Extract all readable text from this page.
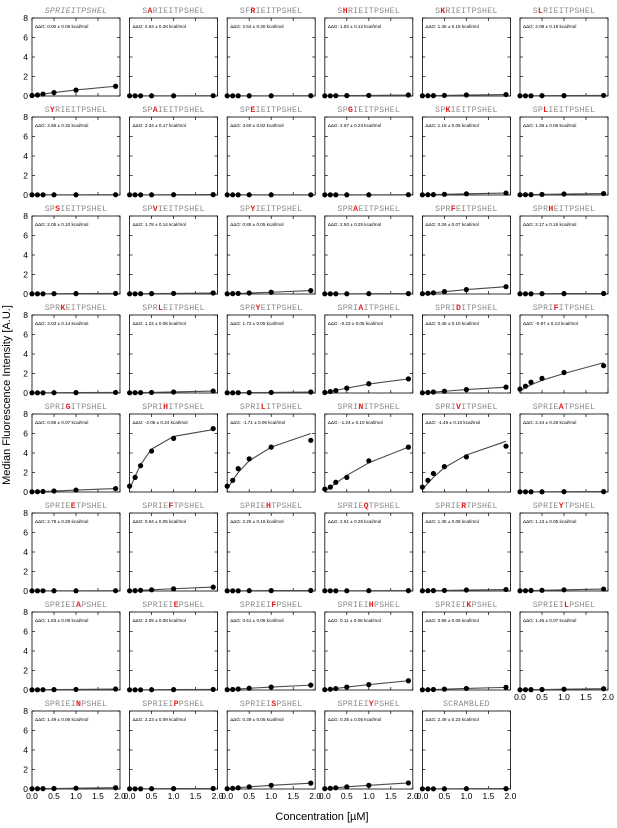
SPRIEITPSHEL
ΔΔG: 0.00 ± 0.06 kcal/mol
0
2
4
6
8
SARIEITPSHEL
ΔΔG: 2.63 ± 0.28 kcal/mol
SFRIEITPSHEL
ΔΔG: 2.64 ± 0.30 kcal/mol
SHRIEITPSHEL
ΔΔG: 1.82 ± 0.12 kcal/mol
SKRIEITPSHEL
ΔΔG: 1.36 ± 0.16 kcal/mol
SLRIEITPSHEL
ΔΔG: 2.08 ± 0.19 kcal/mol
SYRIEITPSHEL
ΔΔG: 2.66 ± 0.32 kcal/mol
0
2
4
6
8
SPAIEITPSHEL
ΔΔG: 2.34 ± 0.17 kcal/mol
SPEIEITPSHEL
ΔΔG: 3.60 ± 0.82 kcal/mol
SPGIEITPSHEL
ΔΔG: 2.67 ± 0.23 kcal/mol
SPKIEITPSHEL
ΔΔG: 1.15 ± 0.05 kcal/mol
SPLIEITPSHEL
ΔΔG: 1.36 ± 0.06 kcal/mol
SPSIEITPSHEL
ΔΔG: 2.05 ± 0.10 kcal/mol
0
2
4
6
8
SPVIEITPSHEL
ΔΔG: 1.78 ± 0.14 kcal/mol
SPYIEITPSHEL
ΔΔG: 0.85 ± 0.05 kcal/mol
SPRAEITPSHEL
ΔΔG: 2.50 ± 0.25 kcal/mol
SPRFEITPSHEL
ΔΔG: 0.26 ± 0.07 kcal/mol
SPRHEITPSHEL
ΔΔG: 2.17 ± 0.16 kcal/mol
SPRKEITPSHEL
ΔΔG: 2.03 ± 0.14 kcal/mol
0
2
4
6
8
SPRLEITPSHEL
ΔΔG: 1.22 ± 0.06 kcal/mol
SPRYEITPSHEL
ΔΔG: 1.72 ± 0.05 kcal/mol
SPRIAITPSHEL
ΔΔG: -0.23 ± 0.05 kcal/mol
SPRIDITPSHEL
ΔΔG: 0.45 ± 0.10 kcal/mol
SPRIFITPSHEL
ΔΔG: -0.87 ± 0.13 kcal/mol
SPRIGITPSHEL
ΔΔG: 0.88 ± 0.07 kcal/mol
0
2
4
6
8
SPRIHITPSHEL
ΔΔG: -2.05 ± 0.24 kcal/mol
SPRILITPSHEL
ΔΔG: -1.71 ± 0.09 kcal/mol
SPRINITPSHEL
ΔΔG: -1.24 ± 0.10 kcal/mol
SPRIVITPSHEL
ΔΔG: -1.45 ± 0.10 kcal/mol
SPRIEATPSHEL
ΔΔG: 2.44 ± 0.28 kcal/mol
SPRIEETPSHEL
ΔΔG: 2.79 ± 0.29 kcal/mol
0
2
4
6
8
SPRIEFTPSHEL
ΔΔG: 0.64 ± 0.05 kcal/mol
SPRIEHTPSHEL
ΔΔG: 2.25 ± 0.16 kcal/mol
SPRIEQTPSHEL
ΔΔG: 2.51 ± 0.25 kcal/mol
SPRIERTPSHEL
ΔΔG: 1.35 ± 0.08 kcal/mol
SPRIEYTPSHEL
ΔΔG: 1.13 ± 0.05 kcal/mol
SPRIEIAPSHEL
ΔΔG: 1.83 ± 0.09 kcal/mol
0
2
4
6
8
SPRIEIEPSHEL
ΔΔG: 2.09 ± 0.08 kcal/mol
SPRIEIFPSHEL
ΔΔG: 0.51 ± 0.06 kcal/mol
SPRIEIHPSHEL
ΔΔG: 0.11 ± 0.08 kcal/mol
SPRIEIKPSHEL
ΔΔG: 0.96 ± 0.06 kcal/mol
SPRIEILPSHEL
ΔΔG: 1.46 ± 0.07 kcal/mol
0.0 0.5 1.0 1.5 2.0
SPRIEINPSHEL
ΔΔG: 1.49 ± 0.06 kcal/mol
0
2
4
6
8
0.0 0.5 1.0 1.5 2.0
SPRIEIPPSHEL
ΔΔG: 2.23 ± 0.09 kcal/mol
0.0 0.5 1.0 1.5 2.0
SPRIEISPSHEL
ΔΔG: 0.39 ± 0.05 kcal/mol
0.0 0.5 1.0 1.5 2.0
SPRIEIYPSHEL
ΔΔG: 0.36 ± 0.05 kcal/mol
0.0 0.5 1.0 1.5 2.0
SCRAMBLED
ΔΔG: 2.49 ± 0.23 kcal/mol
0.0 0.5 1.0 1.5 2.0
Median Fluorescence Intensity [A.U.]
Concentration [µM]
